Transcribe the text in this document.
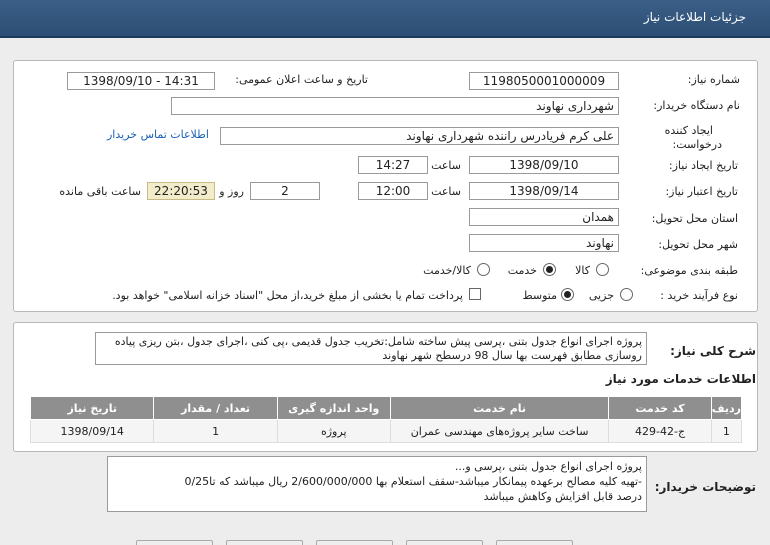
جزئیات اطلاعات نیاز
شماره نیاز:
1198050001000009
تاریخ و ساعت اعلان عمومی:
1398/09/10 - 14:31
نام دستگاه خریدار:
شهرداری نهاوند
ایجاد کننده
درخواست:
علی کرم فریادرس راننده شهرداری نهاوند
اطلاعات تماس خریدار
تاریخ ایجاد نیاز:
1398/09/10
ساعت
14:27
تاریخ اعتبار نیاز:
1398/09/14
ساعت
12:00
2
روز و
22:20:53
ساعت باقی مانده
استان محل تحویل:
همدان
شهر محل تحویل:
نهاوند
طبقه بندی موضوعی:
کالا
خدمت
کالا/خدمت
نوع فرآیند خرید :
جزیی
متوسط
پرداخت تمام یا بخشی از مبلغ خرید،از محل "اسناد خزانه اسلامی" خواهد بود.
شرح کلی نیاز:
پروژه اجرای انواع جدول بتنی ،پرسی پیش ساخته شامل:تخریب جدول قدیمی ،پی کنی ،اجرای جدول ،بتن ریزی پیاده روسازی مطابق فهرست بها سال 98 درسطح شهر نهاوند
اطلاعات خدمات مورد نیاز
ردیف	کد خدمت	نام خدمت	واحد اندازه گیری	تعداد / مقدار	تاریخ نیاز
1	ج-42-429	ساخت سایر پروژه‌های مهندسی عمران	پروژه	1	1398/09/14
توضیحات خریدار:
پروژه اجرای انواع جدول بتنی ،پرسی و...
-تهیه کلیه مصالح برعهده پیمانکار میباشد-سقف استعلام بها 2/600/000/000 ریال میباشد که تا0/25
درصد قابل افزایش وکاهش میباشد
